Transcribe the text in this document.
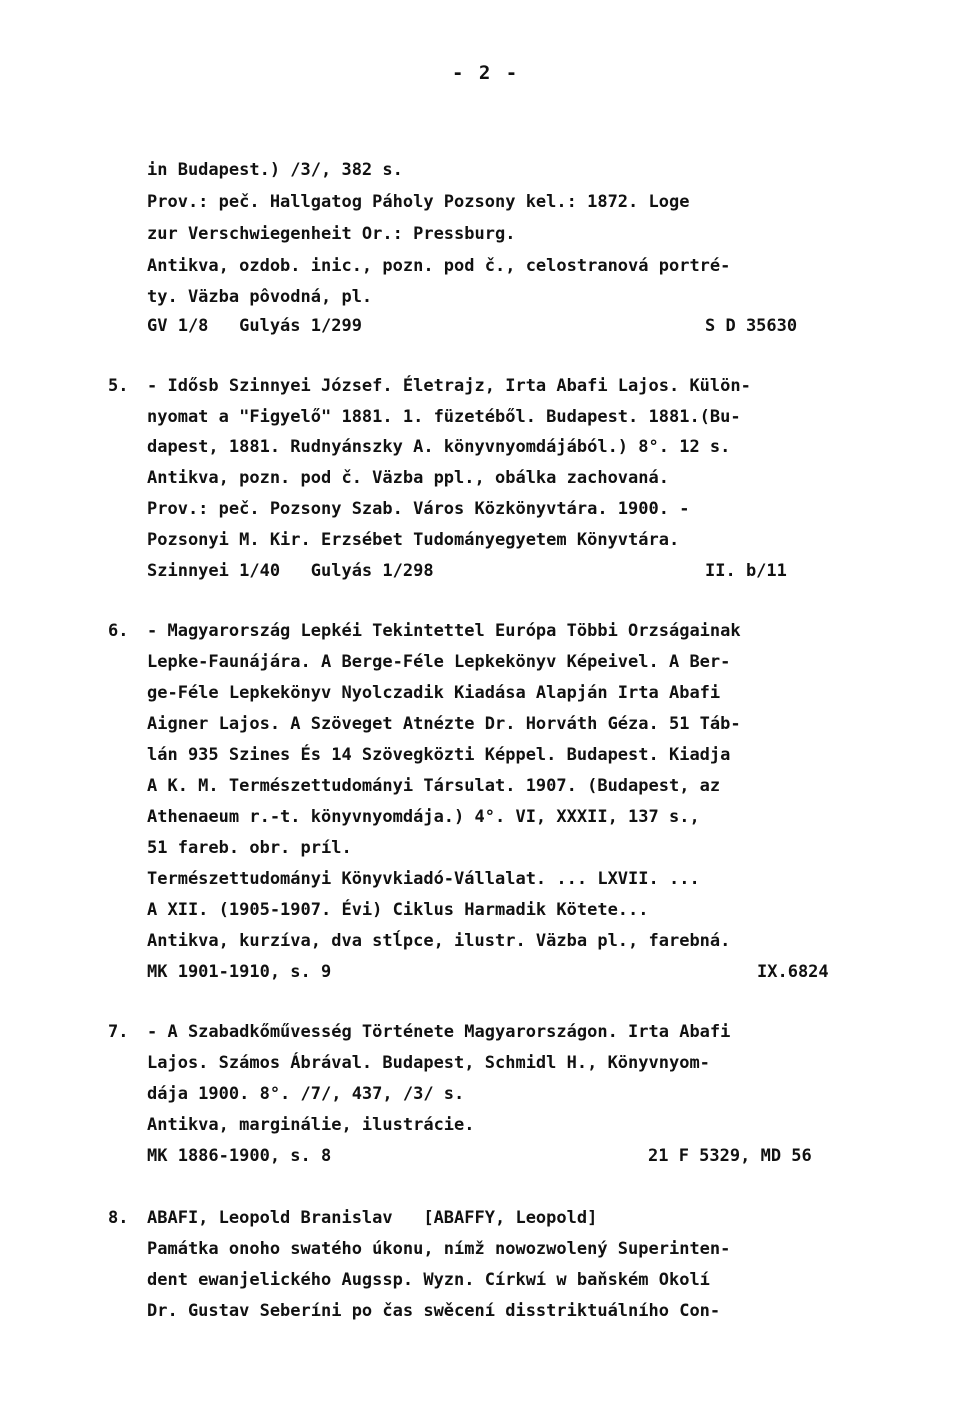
- 2 -
in Budapest.) /3/, 382 s.
Prov.: peč. Hallgatog Páholy Pozsony kel.: 1872. Loge
zur Verschwiegenheit Or.: Pressburg.
Antikva, ozdob. inic., pozn. pod č., celostranová portré-
ty. Väzba pôvodná, pl.
GV 1/8   Gulyás 1/299	S D 35630
5. - Idősb Szinnyei József. Életrajz, Irta Abafi Lajos. Külön-
nyomat a "Figyelő" 1881. 1. füzetéből. Budapest. 1881.(Bu-
dapest, 1881. Rudnyánszky A. könyvnyomdájából.) 8°. 12 s.
Antikva, pozn. pod č. Väzba ppl., obálka zachovaná.
Prov.: peč. Pozsony Szab. Város Közkönyvtára. 1900. -
Pozsonyi M. Kir. Erzsébet Tudományegyetem Könyvtára.
Szinnyei 1/40   Gulyás 1/298	II. b/11
6. - Magyarország Lepkéi Tekintettel Európa Többi Orzságainak
Lepke-Faunájára. A Berge-Féle Lepkekönyv Képeivel. A Ber-
ge-Féle Lepkekönyv Nyolczadik Kiadása Alapján Irta Abafi
Aigner Lajos. A Szöveget Atnézte Dr. Horváth Géza. 51 Táb-
lán 935 Szines És 14 Szövegközti Képpel. Budapest. Kiadja
A K. M. Természettudományi Társulat. 1907. (Budapest, az
Athenaeum r.-t. könyvnyomdája.) 4°. VI, XXXII, 137 s.,
51 fareb. obr. príl.
Természettudományi Könyvkiadó-Vállalat. ... LXVII. ...
A XII. (1905-1907. Évi) Ciklus Harmadik Kötete...
Antikva, kurzíva, dva stĺpce, ilustr. Väzba pl., farebná.
MK 1901-1910, s. 9	IX.6824
7. - A Szabadkőművesség Története Magyarországon. Irta Abafi
Lajos. Számos Ábrával. Budapest, Schmidl H., Könyvnyom-
dája 1900. 8°. /7/, 437, /3/ s.
Antikva, marginálie, ilustrácie.
MK 1886-1900, s. 8	21 F 5329, MD 56
8. ABAFI, Leopold Branislav   [ABAFFY, Leopold]
Památka onoho swatého úkonu, nímž nowozwolený Superinten-
dent ewanjelického Augssp. Wyzn. Církwí w baňském Okolí
Dr. Gustav Seberíni po čas swěcení disstriktuálního Con-
